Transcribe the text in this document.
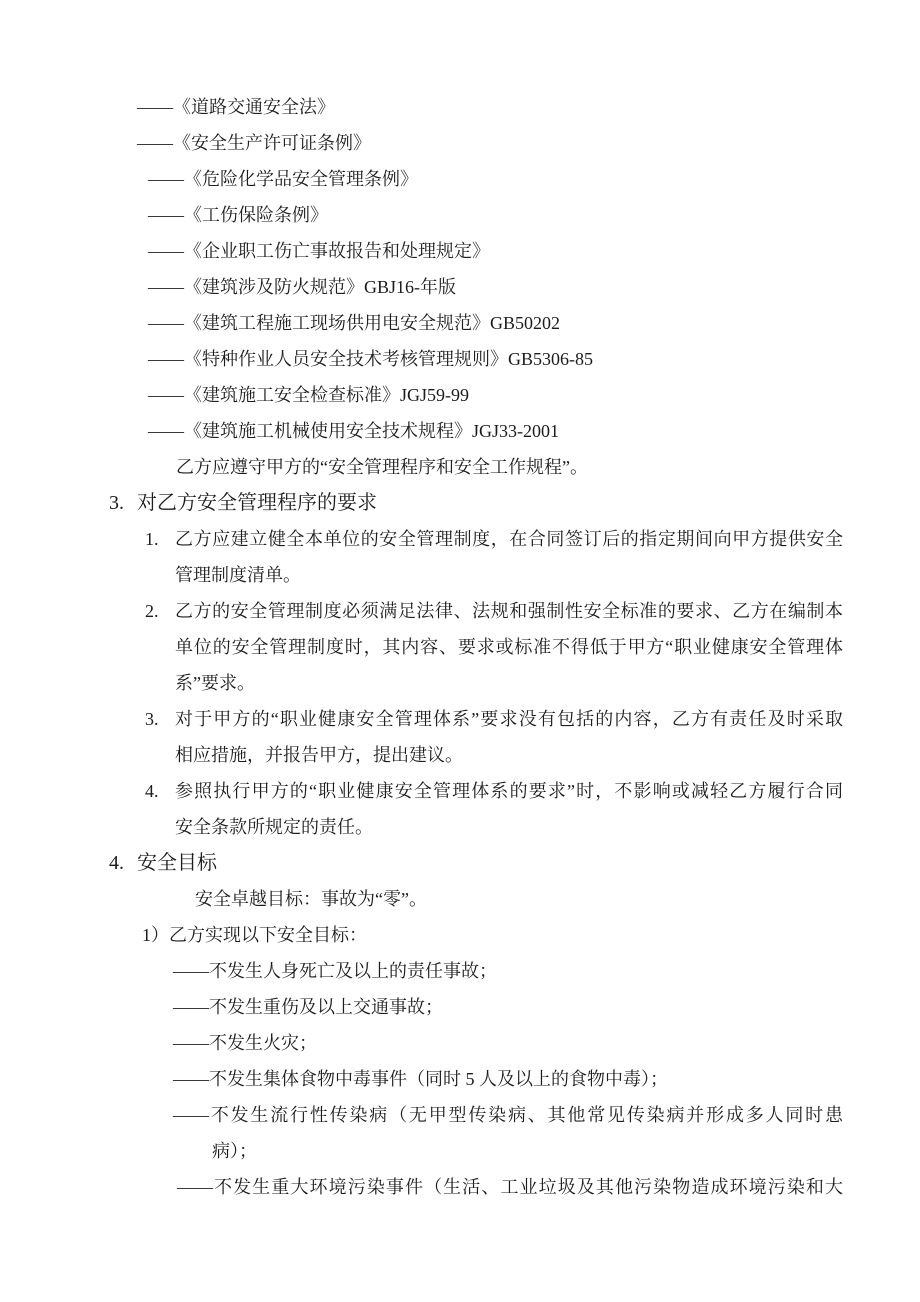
——《道路交通安全法》
——《安全生产许可证条例》
——《危险化学品安全管理条例》
——《工伤保险条例》
——《企业职工伤亡事故报告和处理规定》
——《建筑涉及防火规范》GBJ16-年版
——《建筑工程施工现场供用电安全规范》GB50202
——《特种作业人员安全技术考核管理规则》GB5306-85
——《建筑施工安全检查标准》JGJ59-99
——《建筑施工机械使用安全技术规程》JGJ33-2001
乙方应遵守甲方的“安全管理程序和安全工作规程”。
3. 对乙方安全管理程序的要求
1. 乙方应建立健全本单位的安全管理制度，在合同签订后的指定期间向甲方提供安全
管理制度清单。
2. 乙方的安全管理制度必须满足法律、法规和强制性安全标准的要求、乙方在编制本
单位的安全管理制度时，其内容、要求或标准不得低于甲方“职业健康安全管理体
系”要求。
3. 对于甲方的“职业健康安全管理体系”要求没有包括的内容，乙方有责任及时采取
相应措施，并报告甲方，提出建议。
4. 参照执行甲方的“职业健康安全管理体系的要求”时，不影响或减轻乙方履行合同
安全条款所规定的责任。
4. 安全目标
安全卓越目标：事故为“零”。
1）乙方实现以下安全目标：
——不发生人身死亡及以上的责任事故；
——不发生重伤及以上交通事故；
——不发生火灾；
——不发生集体食物中毒事件（同时 5 人及以上的食物中毒）；
——不发生流行性传染病（无甲型传染病、其他常见传染病并形成多人同时患
病）；
——不发生重大环境污染事件（生活、工业垃圾及其他污染物造成环境污染和大
